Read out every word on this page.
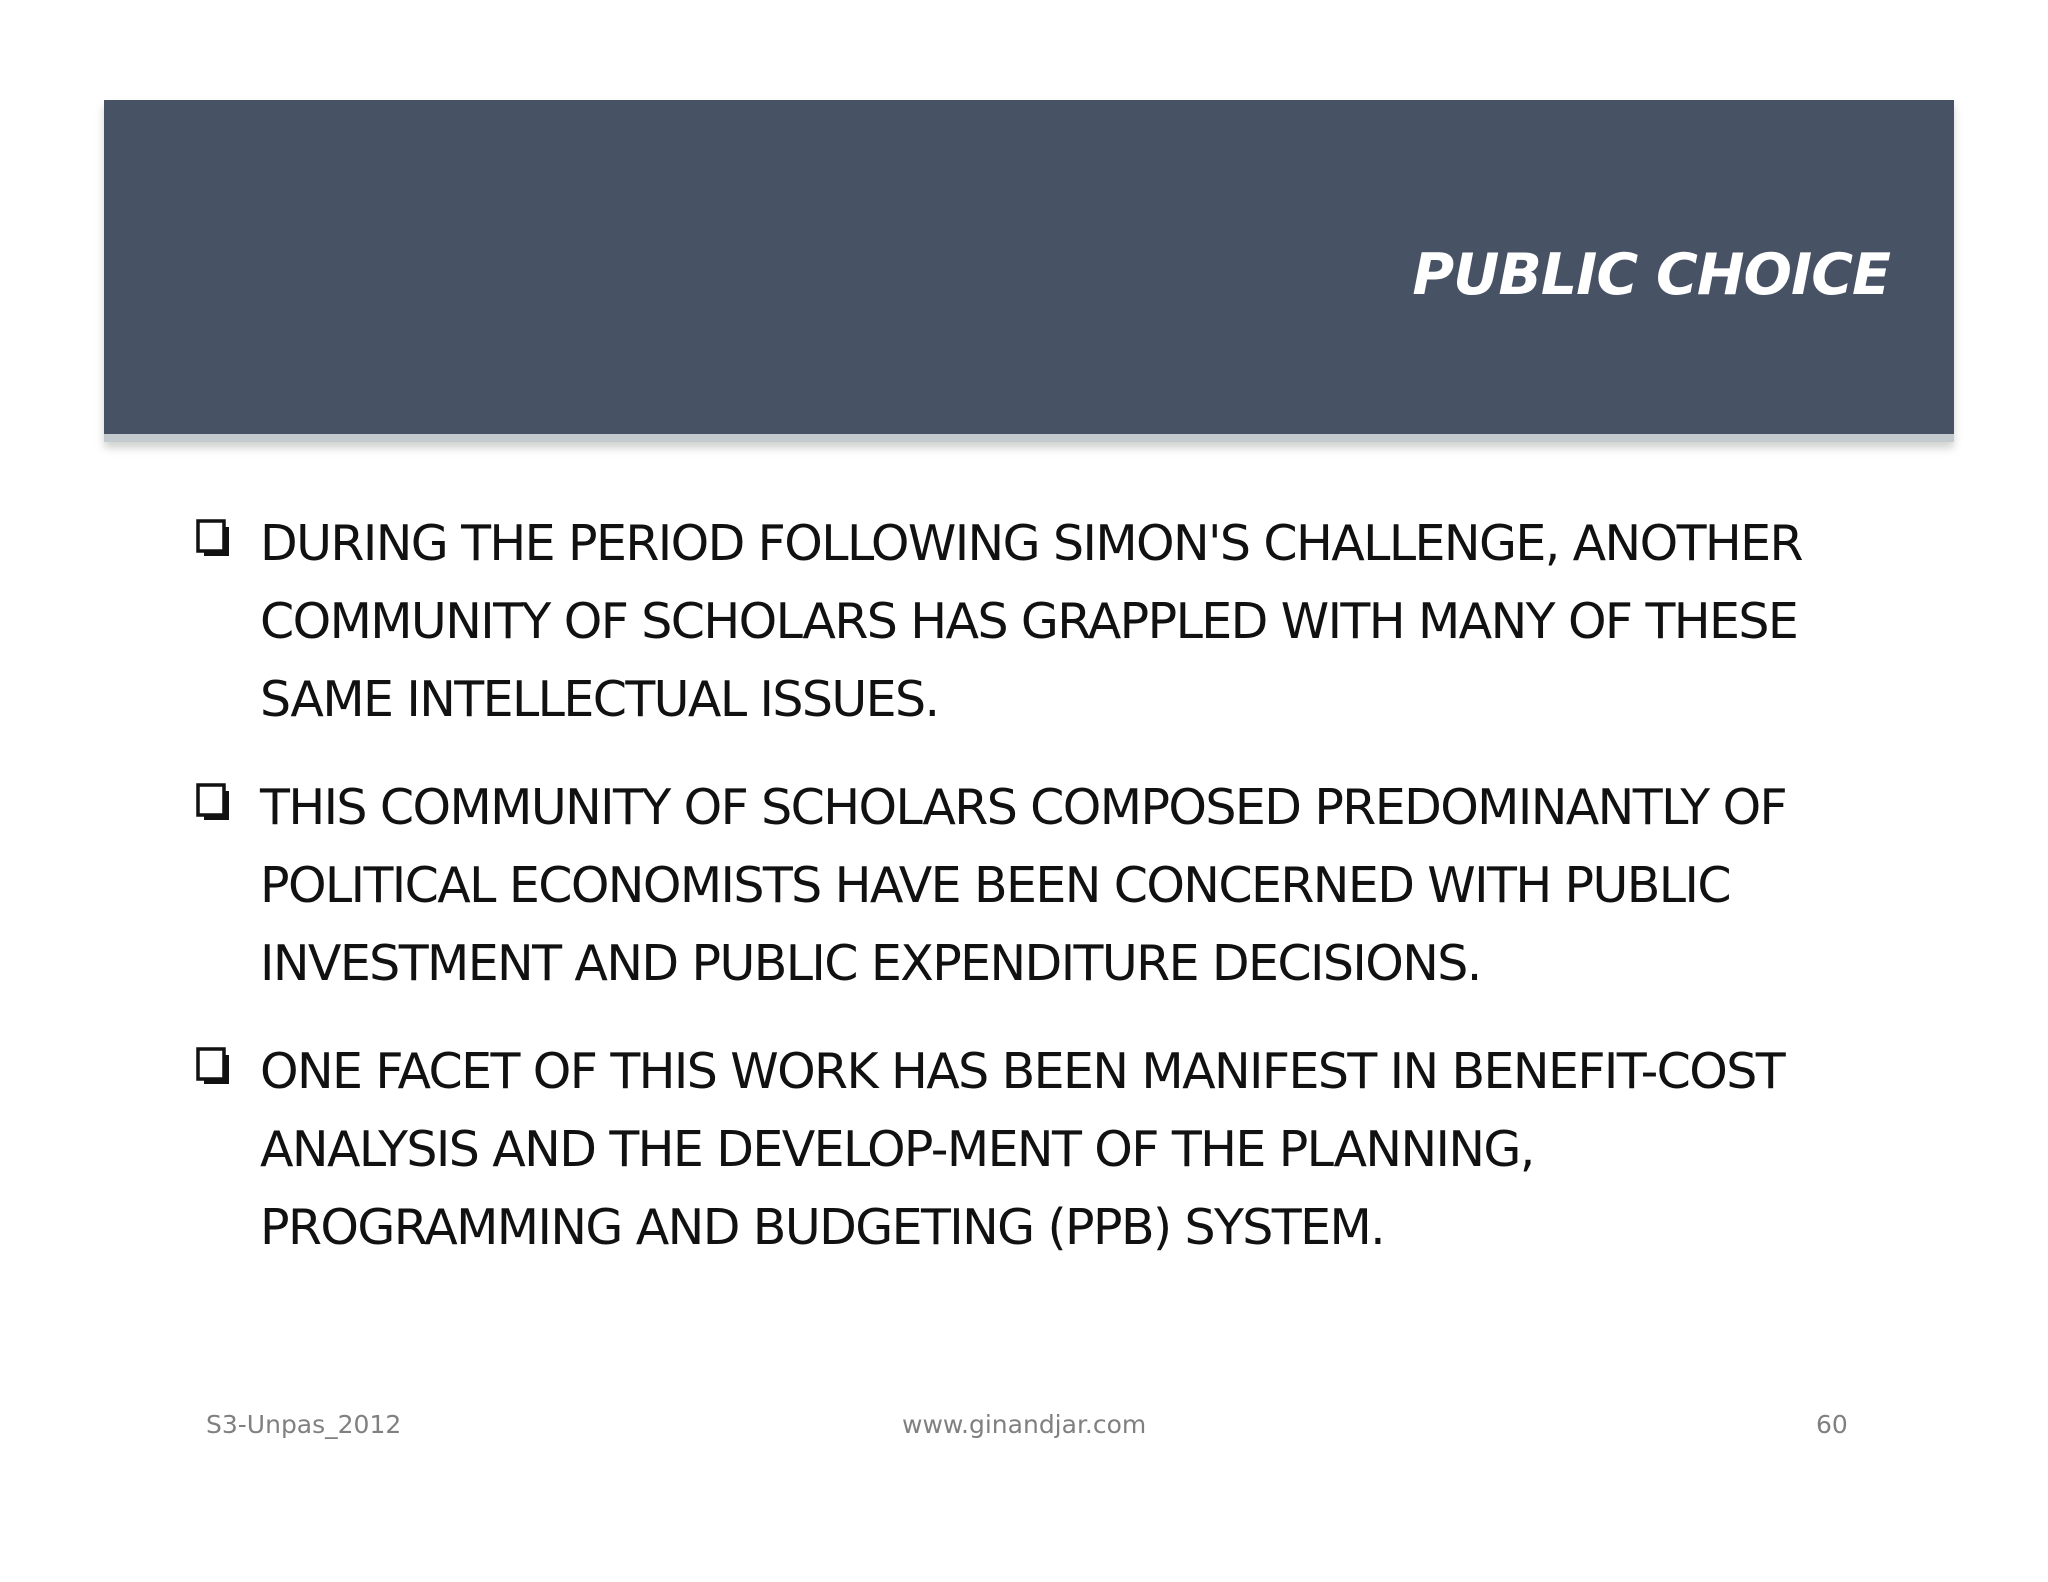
PUBLIC CHOICE
DURING THE PERIOD FOLLOWING SIMON'S CHALLENGE, ANOTHER COMMUNITY OF SCHOLARS HAS GRAPPLED WITH MANY OF THESE SAME INTELLECTUAL ISSUES.
THIS COMMUNITY OF SCHOLARS COMPOSED PREDOMINANTLY OF POLITICAL ECONOMISTS HAVE BEEN CONCERNED WITH PUBLIC INVESTMENT AND PUBLIC EXPENDITURE DECISIONS.
ONE FACET OF THIS WORK HAS BEEN MANIFEST IN BENEFIT-COST ANALYSIS AND THE DEVELOP-MENT OF THE PLANNING, PROGRAMMING AND BUDGETING (PPB) SYSTEM.
S3-Unpas_2012	www.ginandjar.com	60
